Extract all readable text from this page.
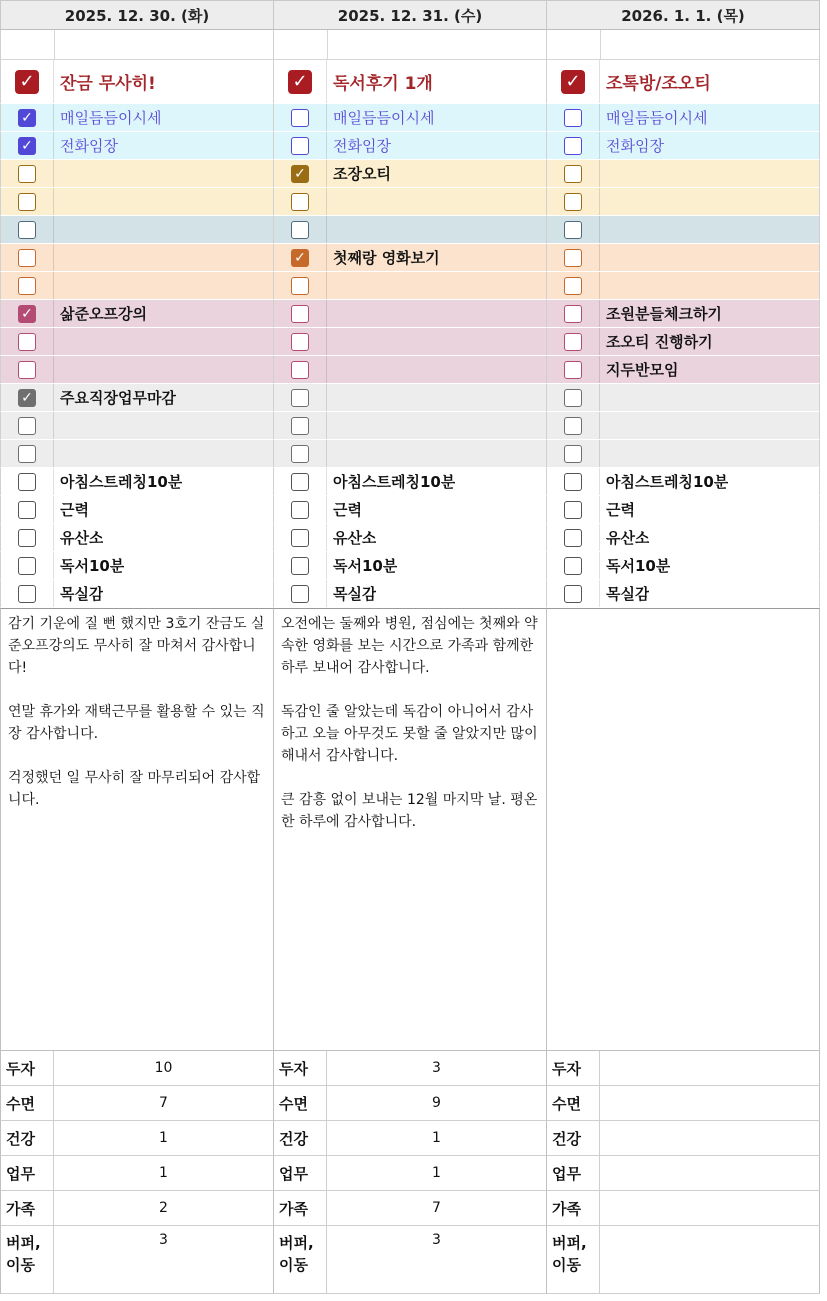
2025. 12. 30. (화)
✓	잔금 무사히!
✓	매일듬듬이시세
✓	전화임장
✓	삶준오프강의
✓	주요직장업무마감
아침스트레칭10분
근력
유산소
독서10분
목실감
감기 기운에 질 뻔 했지만 3호기 잔금도 실준오프강의도 무사히 잘 마쳐서 감사합니다!

연말 휴가와 재택근무를 활용할 수 있는 직장 감사합니다.

걱정했던 일 무사히 잘 마무리되어 감사합니다.
두자	10
수면	7
건강	1
업무	1
가족	2
버퍼,
이동
3
2025. 12. 31. (수)
✓	독서후기 1개
매일듬듬이시세
전화임장
✓	조장오티
✓	첫째랑 영화보기
아침스트레칭10분
근력
유산소
독서10분
목실감
오전에는 둘째와 병원, 점심에는 첫째와 약속한 영화를 보는 시간으로 가족과 함께한 하루 보내어 감사합니다.

독감인 줄 알았는데 독감이 아니어서 감사하고 오늘 아무것도 못할 줄 알았지만 많이 해내서 감사합니다.

큰 감흥 없이 보내는 12월 마지막 날. 평온한 하루에 감사합니다.
두자	3
수면	9
건강	1
업무	1
가족	7
버퍼,
이동
3
2026. 1. 1. (목)
✓	조톡방/조오티
매일듬듬이시세
전화임장
조원분들체크하기
조오티 진행하기
지두반모임
아침스트레칭10분
근력
유산소
독서10분
목실감
두자
수면
건강
업무
가족
버퍼,
이동
